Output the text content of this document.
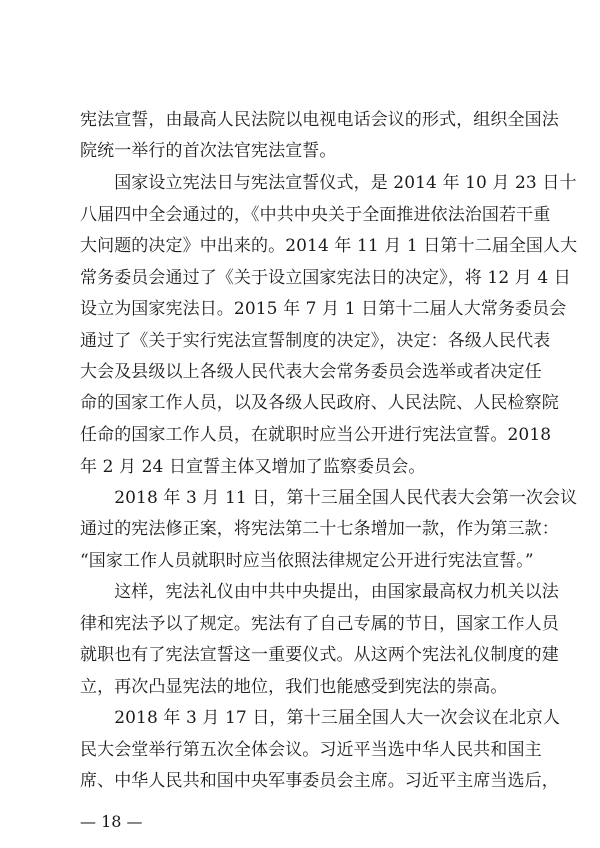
宪法宣誓，由最高人民法院以电视电话会议的形式，组织全国法
院统一举行的首次法官宪法宣誓。
　　国家设立宪法日与宪法宣誓仪式，是 2014 年 10 月 23 日十
八届四中全会通过的，《中共中央关于全面推进依法治国若干重
大问题的决定》中出来的。2014 年 11 月 1 日第十二届全国人大
常务委员会通过了《关于设立国家宪法日的决定》，将 12 月 4 日
设立为国家宪法日。2015 年 7 月 1 日第十二届人大常务委员会
通过了《关于实行宪法宣誓制度的决定》，决定：各级人民代表
大会及县级以上各级人民代表大会常务委员会选举或者决定任
命的国家工作人员，以及各级人民政府、人民法院、人民检察院
任命的国家工作人员，在就职时应当公开进行宪法宣誓。2018
年 2 月 24 日宣誓主体又增加了监察委员会。
　　2018 年 3 月 11 日，第十三届全国人民代表大会第一次会议
通过的宪法修正案，将宪法第二十七条增加一款，作为第三款：
“国家工作人员就职时应当依照法律规定公开进行宪法宣誓。”
　　这样，宪法礼仪由中共中央提出，由国家最高权力机关以法
律和宪法予以了规定。宪法有了自己专属的节日，国家工作人员
就职也有了宪法宣誓这一重要仪式。从这两个宪法礼仪制度的建
立，再次凸显宪法的地位，我们也能感受到宪法的崇高。
　　2018 年 3 月 17 日，第十三届全国人大一次会议在北京人
民大会堂举行第五次全体会议。习近平当选中华人民共和国主
席、中华人民共和国中央军事委员会主席。习近平主席当选后，
— 18 —
